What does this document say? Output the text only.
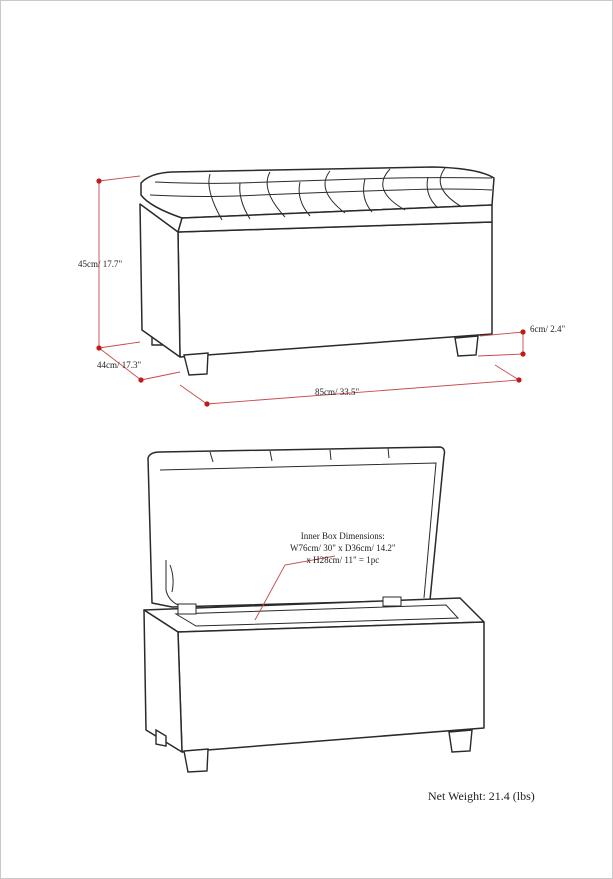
45cm/ 17.7"
44cm/ 17.3"
85cm/ 33.5"
6cm/ 2.4"
Inner Box Dimensions:
W76cm/ 30" x D36cm/ 14.2"
x H28cm/ 11" = 1pc
Net Weight: 21.4 (lbs)
